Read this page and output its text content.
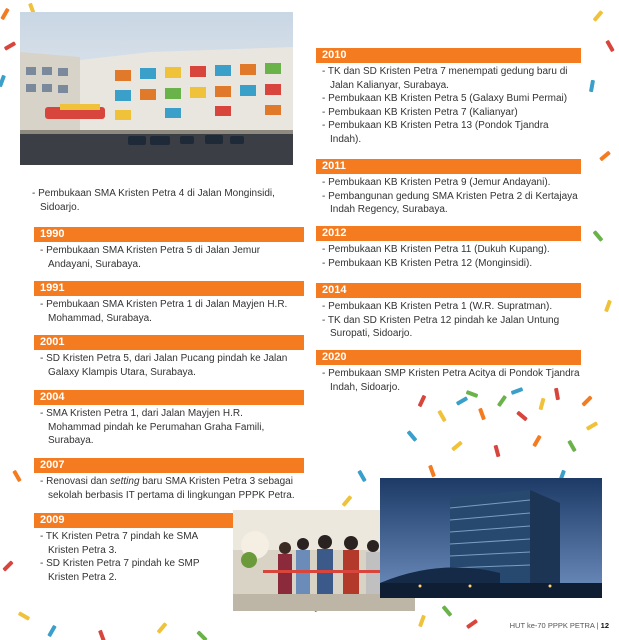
- Pembukaan SMA Kristen Petra 4 di Jalan Monginsidi,
Sidoarjo.
1990
- Pembukaan SMA Kristen Petra 5 di Jalan Jemur
Andayani, Surabaya.
1991
- Pembukaan SMA Kristen Petra 1 di Jalan Mayjen H.R.
Mohammad, Surabaya.
2001
- SD Kristen Petra 5, dari Jalan Pucang pindah ke Jalan
Galaxy Klampis Utara, Surabaya.
2004
- SMA Kristen Petra 1, dari Jalan Mayjen H.R.
Mohammad pindah ke Perumahan Graha Famili,
Surabaya.
2007
- Renovasi dan setting baru SMA Kristen Petra 3 sebagai
sekolah berbasis IT pertama di lingkungan PPPK Petra.
2009
- TK Kristen Petra 7 pindah ke SMA
Kristen Petra 3.
- SD Kristen Petra 7 pindah ke SMP
Kristen Petra 2.
2010
- TK dan SD Kristen Petra 7 menempati gedung baru di
Jalan Kalianyar, Surabaya.
- Pembukaan KB Kristen Petra 5 (Galaxy Bumi Permai)
- Pembukaan KB Kristen Petra 7 (Kalianyar)
- Pembukaan KB Kristen Petra 13 (Pondok Tjandra
Indah).
2011
- Pembukaan KB Kristen Petra 9 (Jemur Andayani).
- Pembangunan gedung SMA Kristen Petra 2 di Kertajaya
Indah Regency, Surabaya.
2012
- Pembukaan KB Kristen Petra 11 (Dukuh Kupang).
- Pembukaan KB Kristen Petra 12 (Monginsidi).
2014
- Pembukaan KB Kristen Petra 1 (W.R. Supratman).
- TK dan SD Kristen Petra 12 pindah ke Jalan Untung
Suropati, Sidoarjo.
2020
- Pembukaan SMP Kristen Petra Acitya di Pondok Tjandra
Indah, Sidoarjo.
HUT ke-70 PPPK PETRA | 12
